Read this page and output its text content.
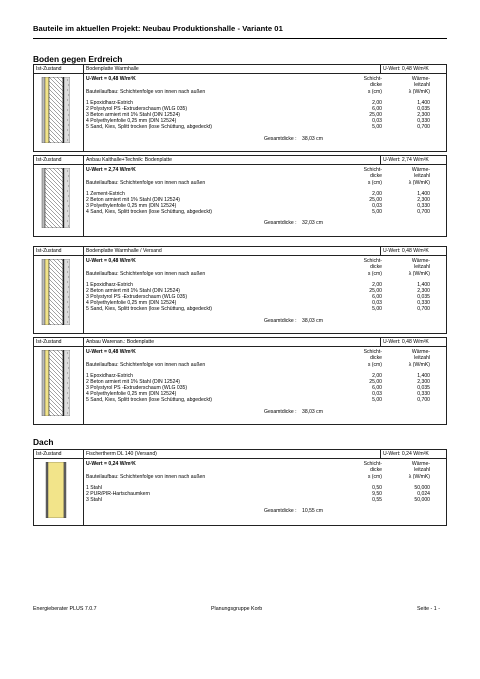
Bauteile im aktuellen Projekt: Neubau Produktionshalle - Variante 01
Boden gegen Erdreich
Ist-Zustand	Bodenplatte Warmhalle	U-Wert: 0,48 W/m²K
U-Wert = 0,48 W/m²K	Schicht-
dicke
Wärme-
leitzahl
Bauteilaufbau: Schichtenfolge von innen nach außen	s (cm)	λ (W/mK)
1 Epoxidharz-Estrich	2,00	1,400
2 Polystyrol PS -Extruderschaum (WLG 035)	6,00	0,035
3 Beton armiert mit 1% Stahl (DIN 12524)	25,00	2,300
4 Polyethylenfolie 0,25 mm (DIN 12524)	0,03	0,330
5 Sand, Kies, Splitt trocken (lose Schüttung, abgedeckt)	5,00	0,700
Gesamtdicke : 38,03 cm
Ist-Zustand	Anbau Kalthalle+Technik: Bodenplatte	U-Wert: 2,74 W/m²K
U-Wert = 2,74 W/m²K	Schicht-
dicke
Wärme-
leitzahl
Bauteilaufbau: Schichtenfolge von innen nach außen	s (cm)	λ (W/mK)
1 Zement-Estrich	2,00	1,400
2 Beton armiert mit 1% Stahl (DIN 12524)	25,00	2,300
3 Polyethylenfolie 0,25 mm (DIN 12524)	0,03	0,330
4 Sand, Kies, Splitt trocken (lose Schüttung, abgedeckt)	5,00	0,700
Gesamtdicke : 32,03 cm
Ist-Zustand	Bodenplatte Warmhalle / Versand	U-Wert: 0,48 W/m²K
U-Wert = 0,48 W/m²K	Schicht-
dicke
Wärme-
leitzahl
Bauteilaufbau: Schichtenfolge von innen nach außen	s (cm)	λ (W/mK)
1 Epoxidharz-Estrich	2,00	1,400
2 Beton armiert mit 1% Stahl (DIN 12524)	25,00	2,300
3 Polystyrol PS -Extruderschaum (WLG 035)	6,00	0,035
4 Polyethylenfolie 0,25 mm (DIN 12524)	0,03	0,330
5 Sand, Kies, Splitt trocken (lose Schüttung, abgedeckt)	5,00	0,700
Gesamtdicke : 38,03 cm
Ist-Zustand	Anbau Warenan.: Bodenplatte	U-Wert: 0,48 W/m²K
U-Wert = 0,48 W/m²K	Schicht-
dicke
Wärme-
leitzahl
Bauteilaufbau: Schichtenfolge von innen nach außen	s (cm)	λ (W/mK)
1 Epoxidharz-Estrich	2,00	1,400
2 Beton armiert mit 1% Stahl (DIN 12524)	25,00	2,300
3 Polystyrol PS -Extruderschaum (WLG 035)	6,00	0,035
4 Polyethylenfolie 0,25 mm (DIN 12524)	0,03	0,330
5 Sand, Kies, Splitt trocken (lose Schüttung, abgedeckt)	5,00	0,700
Gesamtdicke : 38,03 cm
Dach
Ist-Zustand	Fischertherm DL 140 (Versand)	U-Wert: 0,24 W/m²K
U-Wert = 0,24 W/m²K	Schicht-
dicke
Wärme-
leitzahl
Bauteilaufbau: Schichtenfolge von innen nach außen	s (cm)	λ (W/mK)
1 Stahl	0,50	50,000
2 PUR/PIR-Hartschaumkern	9,50	0,024
3 Stahl	0,55	50,000
Gesamtdicke : 10,55 cm
Energieberater PLUS 7.0.7	Planungsgruppe Korb	Seite - 1 -
